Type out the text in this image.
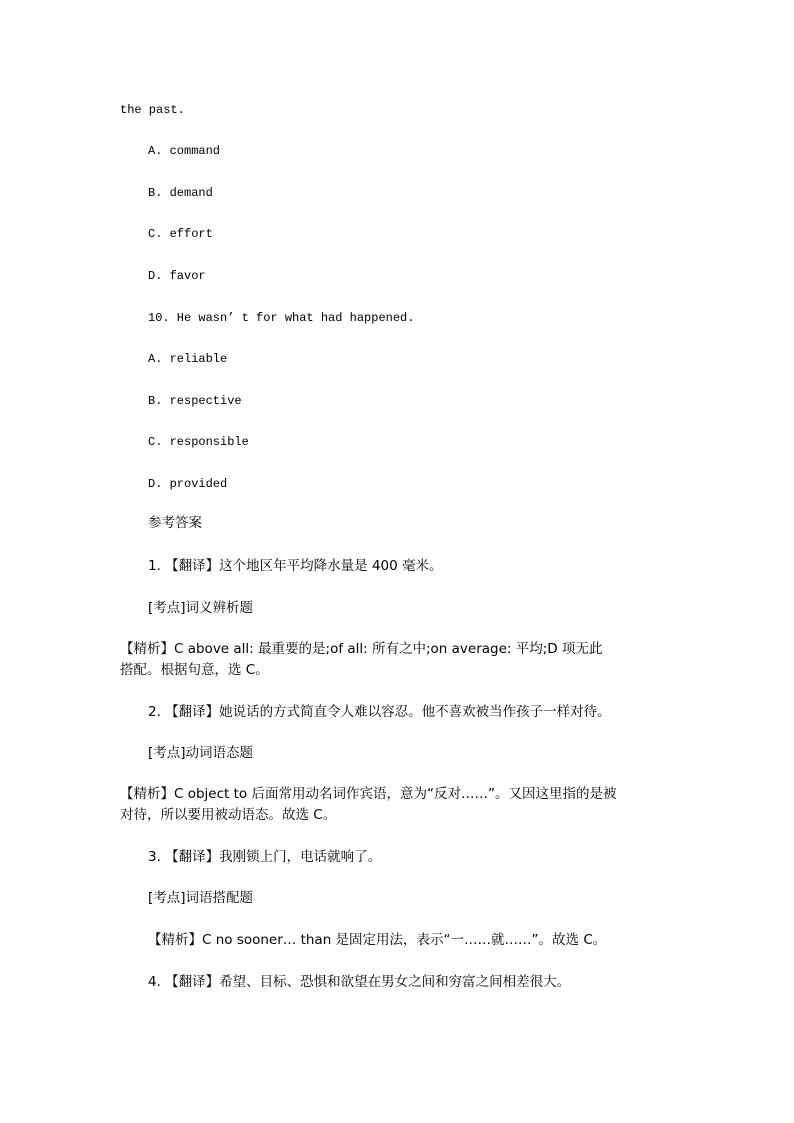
the past.
A. command
B. demand
C. effort
D. favor
10. He wasn’ t for what had happened.
A. reliable
B. respective
C. responsible
D. provided
参考答案
1. 【翻译】这个地区年平均降水量是 400 毫米。
[考点]词义辨析题
【精析】C above all: 最重要的是;of all: 所有之中;on average: 平均;D 项无此
搭配。根据句意，选 C。
2. 【翻译】她说话的方式简直令人难以容忍。他不喜欢被当作孩子一样对待。
[考点]动词语态题
【精析】C object to 后面常用动名词作宾语，意为“反对……”。又因这里指的是被
对待，所以要用被动语态。故选 C。
3. 【翻译】我刚锁上门，电话就响了。
[考点]词语搭配题
【精析】C no sooner… than 是固定用法，表示“一……就……”。故选 C。
4. 【翻译】希望、目标、恐惧和欲望在男女之间和穷富之间相差很大。
